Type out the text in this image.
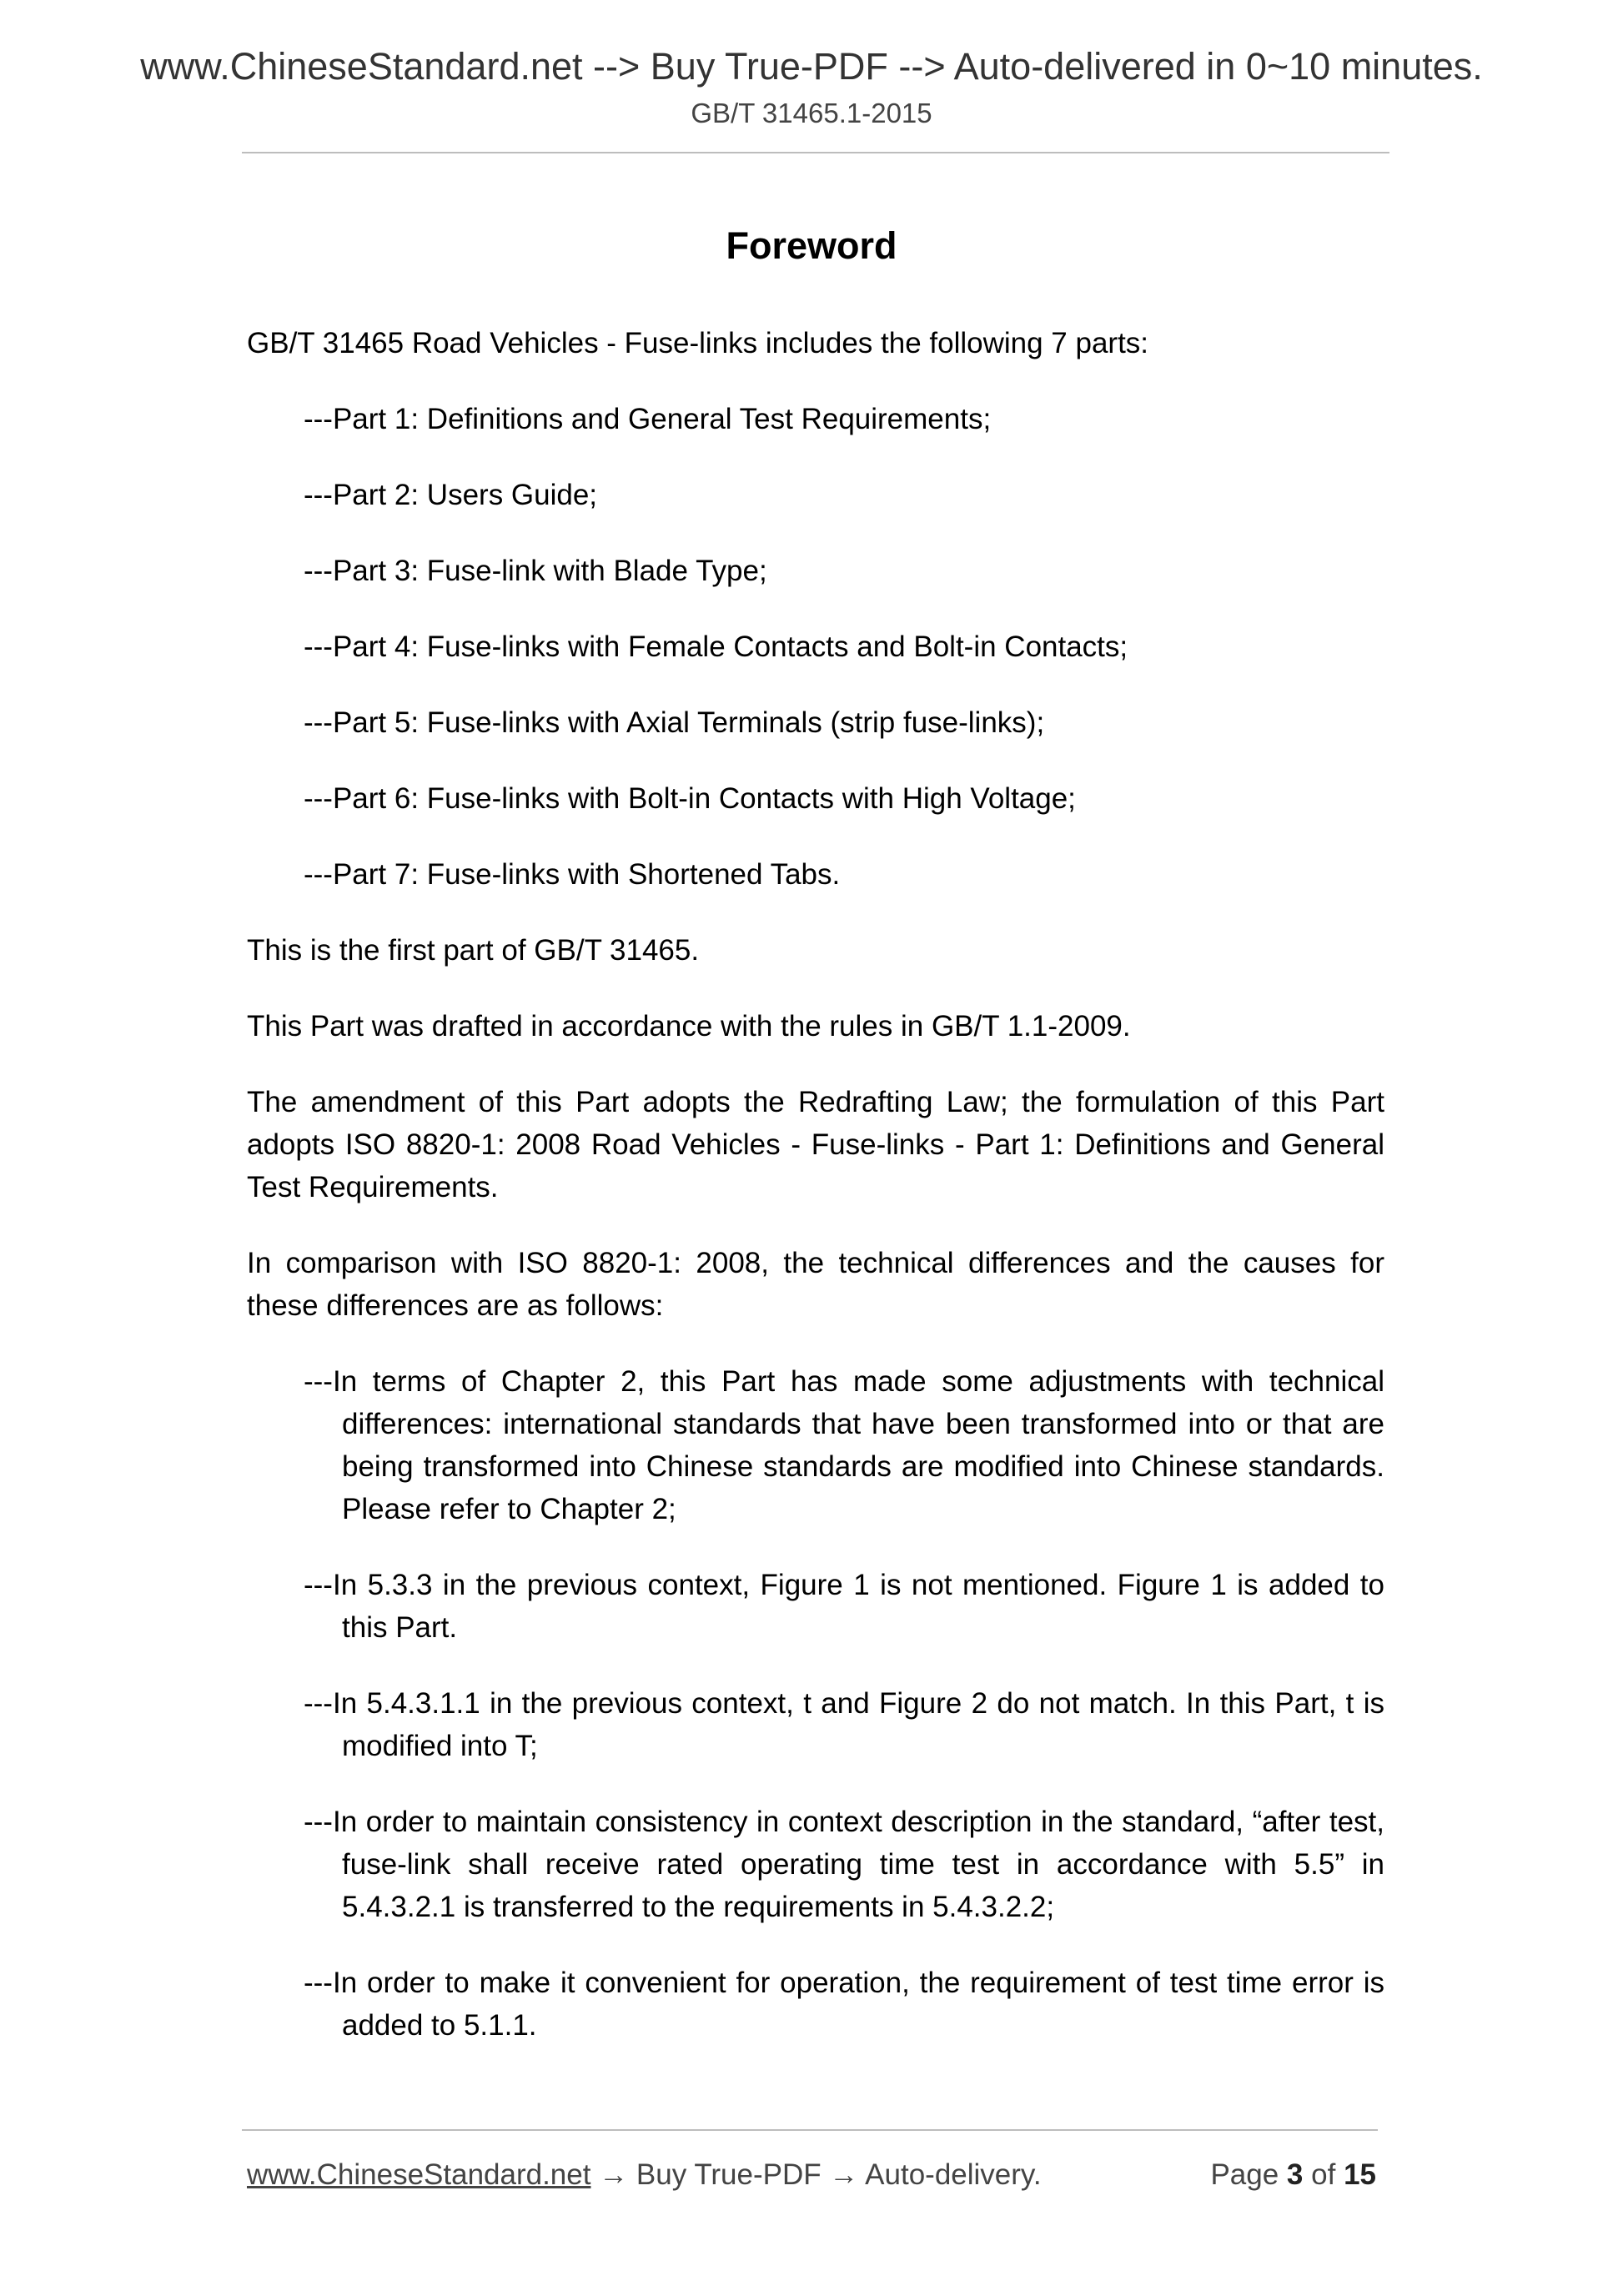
www.ChineseStandard.net --> Buy True-PDF --> Auto-delivered in 0~10 minutes.
GB/T 31465.1-2015
Foreword

GB/T 31465 Road Vehicles - Fuse-links includes the following 7 parts:

---Part 1: Definitions and General Test Requirements;

---Part 2: Users Guide;

---Part 3: Fuse-link with Blade Type;

---Part 4: Fuse-links with Female Contacts and Bolt-in Contacts;

---Part 5: Fuse-links with Axial Terminals (strip fuse-links);

---Part 6: Fuse-links with Bolt-in Contacts with High Voltage;

---Part 7: Fuse-links with Shortened Tabs.

This is the first part of GB/T 31465.

This Part was drafted in accordance with the rules in GB/T 1.1-2009.

The amendment of this Part adopts the Redrafting Law; the formulation of this Part adopts ISO 8820-1: 2008 Road Vehicles - Fuse-links - Part 1: Definitions and General Test Requirements.

In comparison with ISO 8820-1: 2008, the technical differences and the causes for these differences are as follows:

---In terms of Chapter 2, this Part has made some adjustments with technical differences: international standards that have been transformed into or that are being transformed into Chinese standards are modified into Chinese standards. Please refer to Chapter 2;

---In 5.3.3 in the previous context, Figure 1 is not mentioned. Figure 1 is added to this Part.

---In 5.4.3.1.1 in the previous context, t and Figure 2 do not match. In this Part, t is modified into T;

---In order to maintain consistency in context description in the standard, “after test, fuse-link shall receive rated operating time test in accordance with 5.5” in 5.4.3.2.1 is transferred to the requirements in 5.4.3.2.2;

---In order to make it convenient for operation, the requirement of test time error is added to 5.1.1.

www.ChineseStandard.net → Buy True-PDF → Auto-delivery.	Page 3 of 15
